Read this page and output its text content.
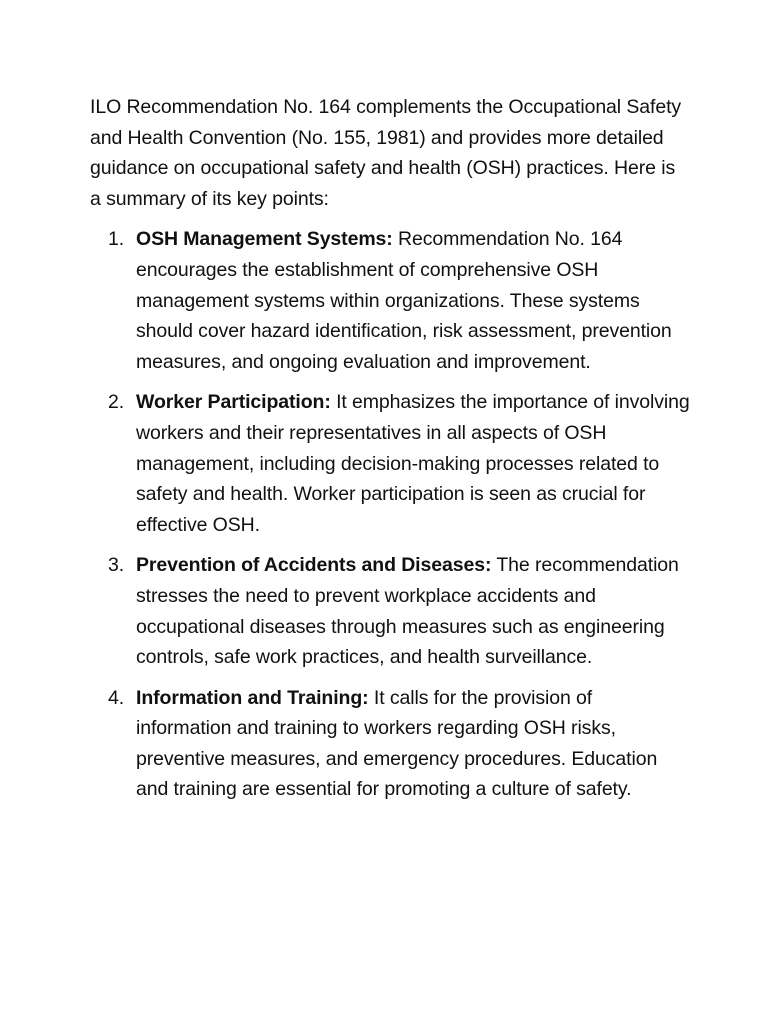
ILO Recommendation No. 164 complements the Occupational Safety and Health Convention (No. 155, 1981) and provides more detailed guidance on occupational safety and health (OSH) practices. Here is a summary of its key points:

1. OSH Management Systems: Recommendation No. 164 encourages the establishment of comprehensive OSH management systems within organizations. These systems should cover hazard identification, risk assessment, prevention measures, and ongoing evaluation and improvement.
2. Worker Participation: It emphasizes the importance of involving workers and their representatives in all aspects of OSH management, including decision-making processes related to safety and health. Worker participation is seen as crucial for effective OSH.
3. Prevention of Accidents and Diseases: The recommendation stresses the need to prevent workplace accidents and occupational diseases through measures such as engineering controls, safe work practices, and health surveillance.
4. Information and Training: It calls for the provision of information and training to workers regarding OSH risks, preventive measures, and emergency procedures. Education and training are essential for promoting a culture of safety.
